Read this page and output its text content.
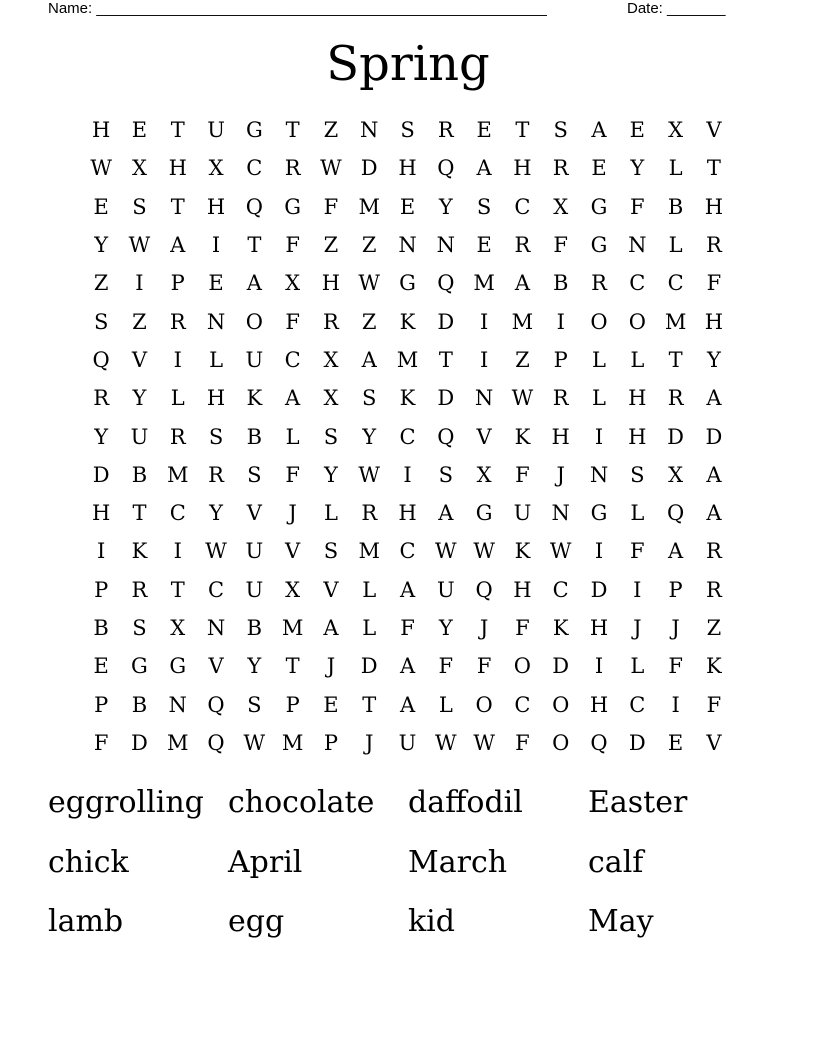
Name: ______________________________________________________	Date: _______
Spring
H	E	T	U	G	T	Z	N	S	R	E	T	S	A	E	X	V
W X	H	X	C	R W D H Q	A	H	R	E	Y	L	T
E	S	T	H Q	G	F M E	Y	S	C	X	G	F	B	H
Y W A	I	T	F	Z	Z	N N	E	R	F	G N	L	R
Z	I	P	E	A	X	H W G	Q M A	B	R	C	C	F
S	Z	R	N O	F	R	Z	K	D	I	M	I	O	O M H
Q	V	I	L	U	C	X	A M T	I	Z	P	L	L	T	Y
R	Y	L	H	K	A	X	S	K	D N W R	L	H	R	A
Y	U	R	S	B	L	S	Y	C	Q	V	K	H	I	H D	D
D	B M R	S	F	Y W	I	S	X	F	J	N	S	X	A
H	T	C	Y	V	J	L	R	H	A	G	U N G	L	Q	A
I	K	I	W U	V	S M C W W K W	I	F	A	R
P	R	T	C	U	X	V	L	A	U Q H	C	D	I	P	R
B	S	X	N	B M A	L	F	Y	J	F	K	H	J	J	Z
E	G	G	V	Y	T	J	D	A	F	F	O	D	I	L	F	K
P	B	N Q	S	P	E	T	A	L	O	C	O H	C	I	F
F	D M Q W M P	J	U W W F	O	Q	D	E	V
eggrolling chocolate	daffodil	Easter
chick	April	March	calf
lamb	egg	kid	May
